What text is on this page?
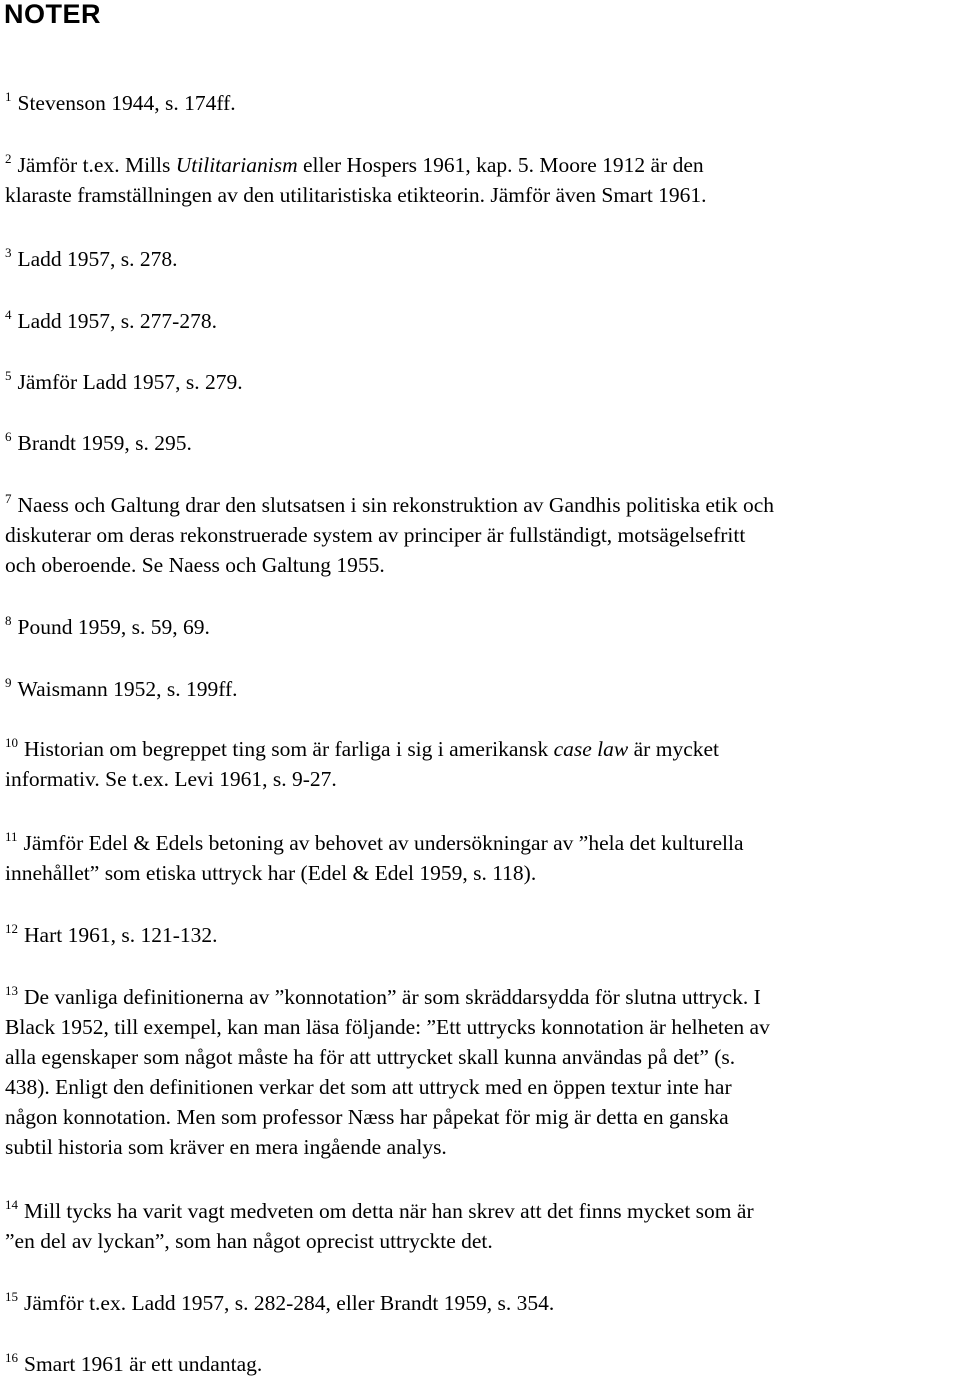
NOTER

$^1$ Stevenson 1944, s. 174ff.

$^2$ Jämför t.ex. Mills Utilitarianism eller Hospers 1961, kap. 5. Moore 1912 är den
klaraste framställningen av den utilitaristiska etikteorin. Jämför även Smart 1961.

$^3$ Ladd 1957, s. 278.

$^4$ Ladd 1957, s. 277-278.

$^5$ Jämför Ladd 1957, s. 279.

$^6$ Brandt 1959, s. 295.

$^7$ Naess och Galtung drar den slutsatsen i sin rekonstruktion av Gandhis politiska etik och
diskuterar om deras rekonstruerade system av principer är fullständigt, motsägelsefritt
och oberoende. Se Naess och Galtung 1955.

$^8$ Pound 1959, s. 59, 69.

$^9$ Waismann 1952, s. 199ff.

$^{10}$ Historian om begreppet ting som är farliga i sig i amerikansk case law är mycket
informativ. Se t.ex. Levi 1961, s. 9-27.

$^{11}$ Jämför Edel & Edels betoning av behovet av undersökningar av ”hela det kulturella
innehållet” som etiska uttryck har (Edel & Edel 1959, s. 118).

$^{12}$ Hart 1961, s. 121-132.

$^{13}$ De vanliga definitionerna av ”konnotation” är som skräddarsydda för slutna uttryck. I
Black 1952, till exempel, kan man läsa följande: ”Ett uttrycks konnotation är helheten av
alla egenskaper som något måste ha för att uttrycket skall kunna användas på det” (s.
438). Enligt den definitionen verkar det som att uttryck med en öppen textur inte har
någon konnotation. Men som professor Næss har påpekat för mig är detta en ganska
subtil historia som kräver en mera ingående analys.

$^{14}$ Mill tycks ha varit vagt medveten om detta när han skrev att det finns mycket som är
”en del av lyckan”, som han något oprecist uttryckte det.

$^{15}$ Jämför t.ex. Ladd 1957, s. 282-284, eller Brandt 1959, s. 354.

$^{16}$ Smart 1961 är ett undantag.
